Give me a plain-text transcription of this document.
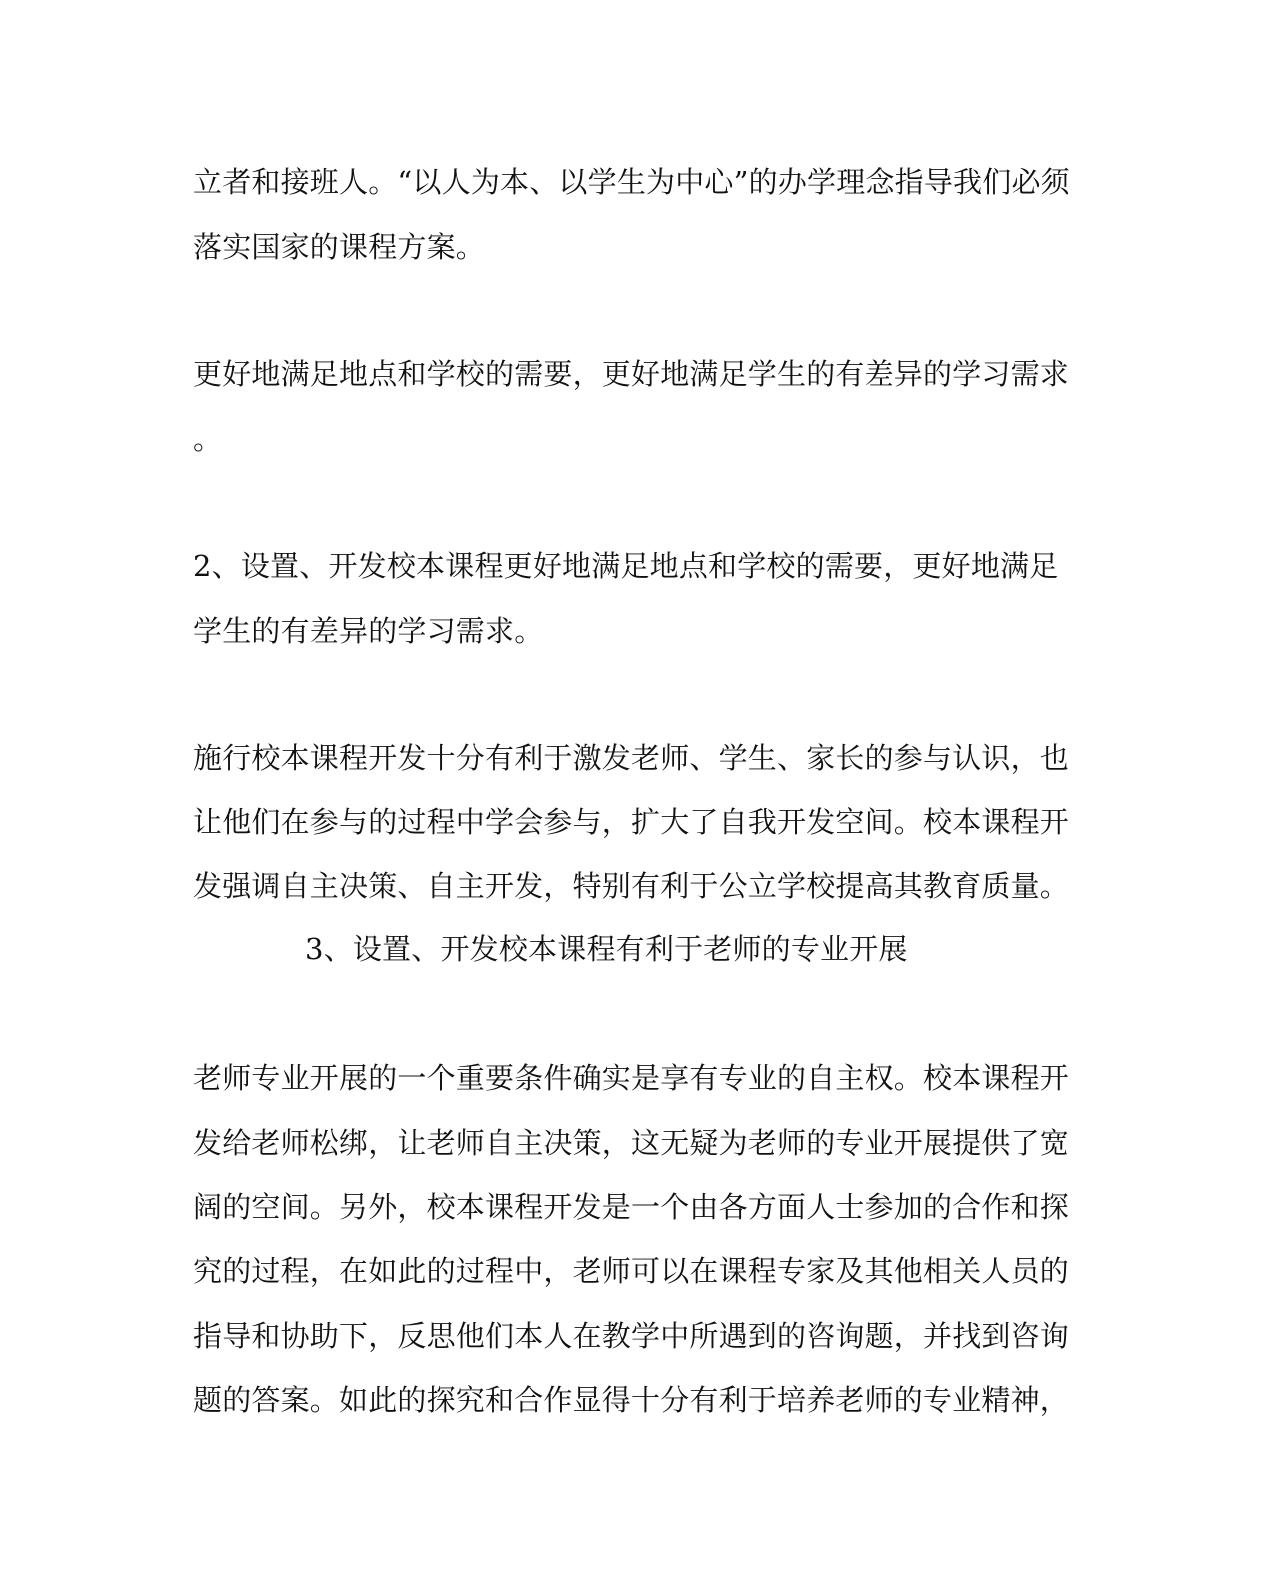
立者和接班人。“以人为本、以学生为中心”的办学理念指导我们必须
落实国家的课程方案。
更好地满足地点和学校的需要，更好地满足学生的有差异的学习需求
。
2、设置、开发校本课程更好地满足地点和学校的需要，更好地满足
学生的有差异的学习需求。
施行校本课程开发十分有利于激发老师、学生、家长的参与认识，也
让他们在参与的过程中学会参与，扩大了自我开发空间。校本课程开
发强调自主决策、自主开发，特别有利于公立学校提高其教育质量。
3、设置、开发校本课程有利于老师的专业开展
老师专业开展的一个重要条件确实是享有专业的自主权。校本课程开
发给老师松绑，让老师自主决策，这无疑为老师的专业开展提供了宽
阔的空间。另外，校本课程开发是一个由各方面人士参加的合作和探
究的过程，在如此的过程中，老师可以在课程专家及其他相关人员的
指导和协助下，反思他们本人在教学中所遇到的咨询题，并找到咨询
题的答案。如此的探究和合作显得十分有利于培养老师的专业精神，
